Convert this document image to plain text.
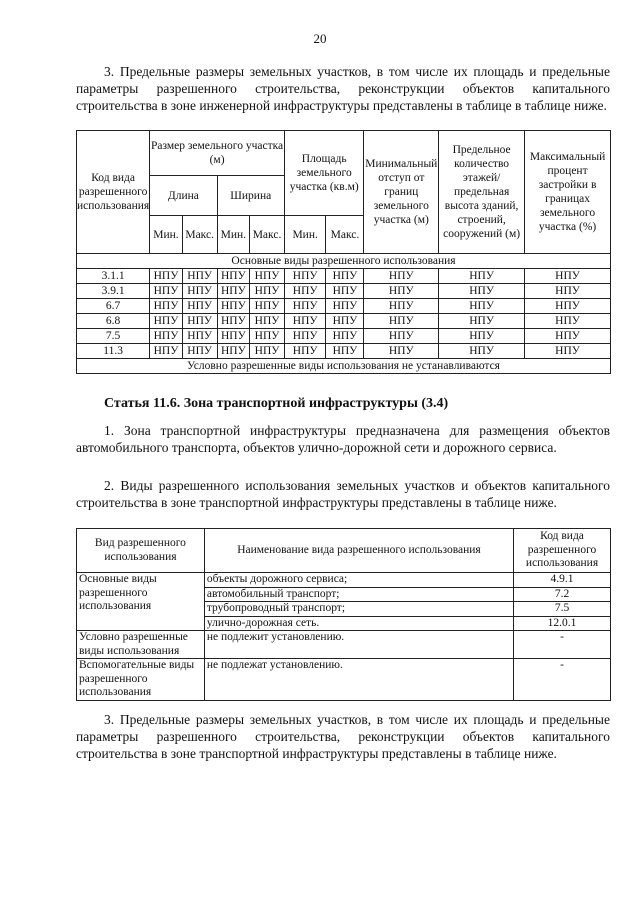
20
3. Предельные размеры земельных участков, в том числе их площадь и предельные параметры разрешенного строительства, реконструкции объектов капитального строительства в зоне инженерной инфраструктуры представлены в таблице в таблице ниже.
Код вида разрешенного использования	Размер земельного участка (м)				Площадь земельного участка (кв.м)		Минимальный отступ от границ земельного участка (м)	Предельное количество этажей/ предельная высота зданий, строений, сооружений (м)	Максимальный процент застройки в границах земельного участка (%)
	Длина		Ширина						
	Мин.	Макс.	Мин.	Макс.	Мин.	Макс.			
Основные виды разрешенного использования									
3.1.1	НПУ	НПУ	НПУ	НПУ	НПУ	НПУ	НПУ	НПУ	НПУ
3.9.1	НПУ	НПУ	НПУ	НПУ	НПУ	НПУ	НПУ	НПУ	НПУ
6.7	НПУ	НПУ	НПУ	НПУ	НПУ	НПУ	НПУ	НПУ	НПУ
6.8	НПУ	НПУ	НПУ	НПУ	НПУ	НПУ	НПУ	НПУ	НПУ
7.5	НПУ	НПУ	НПУ	НПУ	НПУ	НПУ	НПУ	НПУ	НПУ
11.3	НПУ	НПУ	НПУ	НПУ	НПУ	НПУ	НПУ	НПУ	НПУ
Условно разрешенные виды использования не устанавливаются									
Статья 11.6. Зона транспортной инфраструктуры (3.4)
1. Зона транспортной инфраструктуры предназначена для размещения объектов автомобильного транспорта, объектов улично-дорожной сети и дорожного сервиса.
2. Виды разрешенного использования земельных участков и объектов капитального строительства в зоне транспортной инфраструктуры представлены в таблице ниже.
Вид разрешенного использования	Наименование вида разрешенного использования	Код вида разрешенного использования
Основные виды разрешенного использования	объекты дорожного сервиса;	4.9.1
	автомобильный транспорт;	7.2
	трубопроводный транспорт;	7.5
	улично-дорожная сеть.	12.0.1
Условно разрешенные виды использования	не подлежит установлению.	-
Вспомогательные виды разрешенного использования	не подлежат установлению.	-
3. Предельные размеры земельных участков, в том числе их площадь и предельные параметры разрешенного строительства, реконструкции объектов капитального строительства в зоне транспортной инфраструктуры представлены в таблице ниже.
